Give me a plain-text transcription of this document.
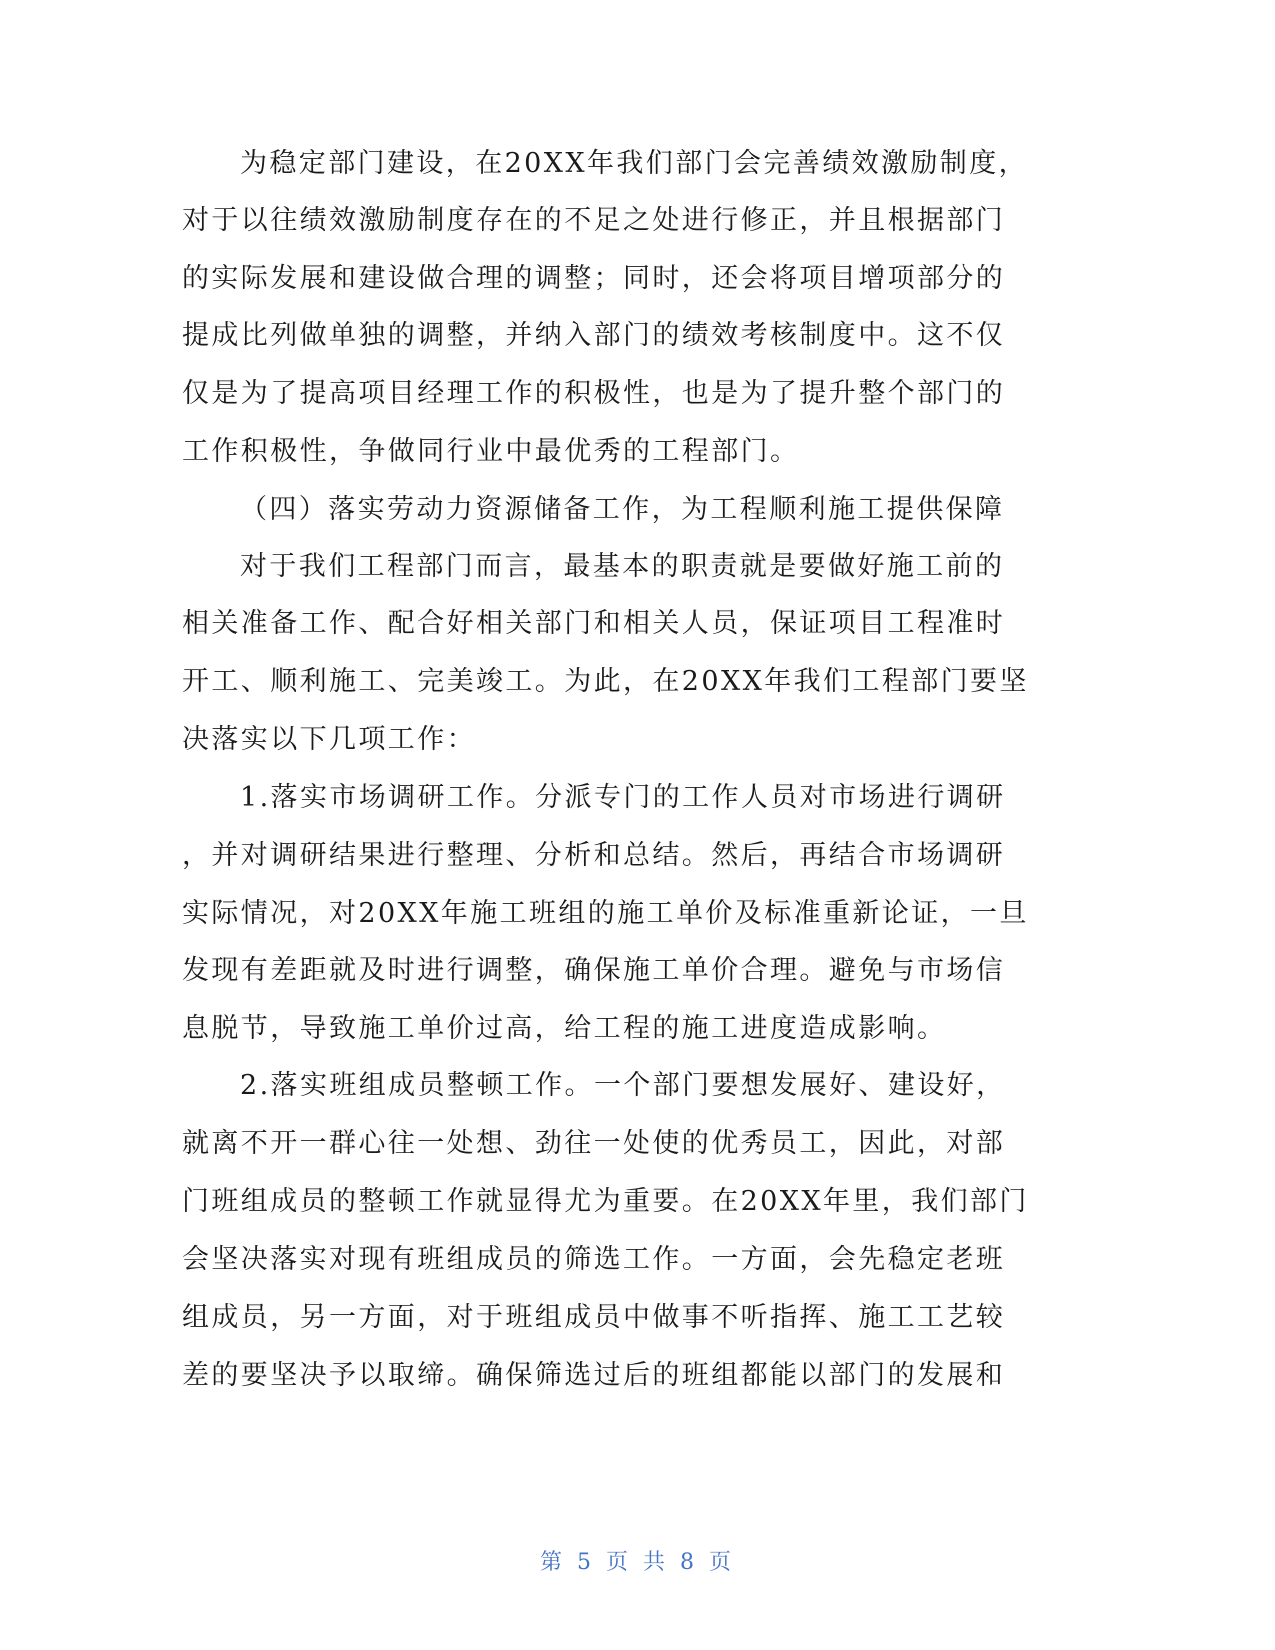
为稳定部门建设，在20XX年我们部门会完善绩效激励制度，
对于以往绩效激励制度存在的不足之处进行修正，并且根据部门
的实际发展和建设做合理的调整；同时，还会将项目增项部分的
提成比列做单独的调整，并纳入部门的绩效考核制度中。这不仅
仅是为了提高项目经理工作的积极性，也是为了提升整个部门的
工作积极性，争做同行业中最优秀的工程部门。
（四）落实劳动力资源储备工作，为工程顺利施工提供保障
对于我们工程部门而言，最基本的职责就是要做好施工前的
相关准备工作、配合好相关部门和相关人员，保证项目工程准时
开工、顺利施工、完美竣工。为此，在20XX年我们工程部门要坚
决落实以下几项工作：
1.落实市场调研工作。分派专门的工作人员对市场进行调研
，并对调研结果进行整理、分析和总结。然后，再结合市场调研
实际情况，对20XX年施工班组的施工单价及标准重新论证，一旦
发现有差距就及时进行调整，确保施工单价合理。避免与市场信
息脱节，导致施工单价过高，给工程的施工进度造成影响。
2.落实班组成员整顿工作。一个部门要想发展好、建设好，
就离不开一群心往一处想、劲往一处使的优秀员工，因此，对部
门班组成员的整顿工作就显得尤为重要。在20XX年里，我们部门
会坚决落实对现有班组成员的筛选工作。一方面，会先稳定老班
组成员，另一方面，对于班组成员中做事不听指挥、施工工艺较
差的要坚决予以取缔。确保筛选过后的班组都能以部门的发展和
第 5 页 共 8 页
